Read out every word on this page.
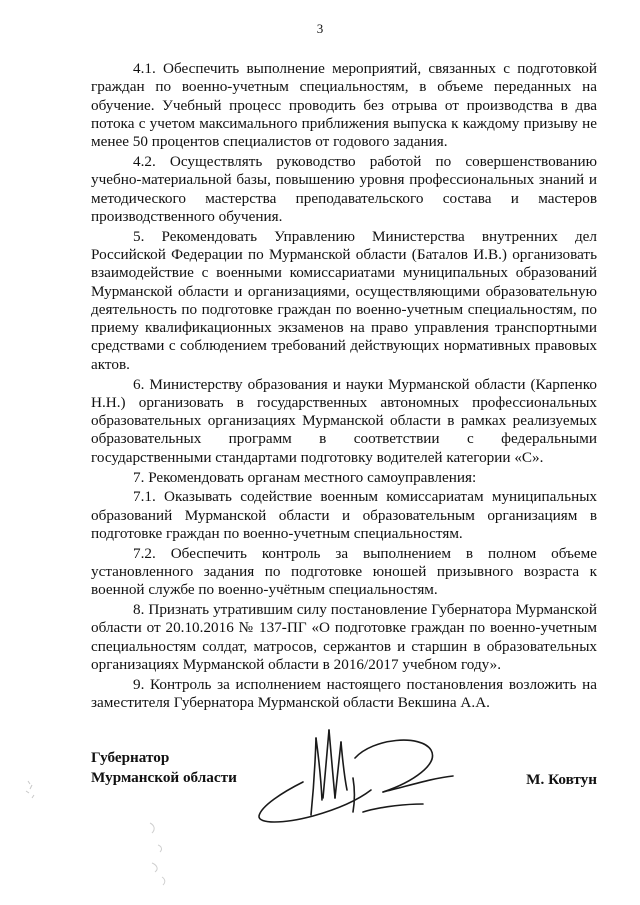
3

4.1. Обеспечить выполнение мероприятий, связанных с подготовкой граждан по военно-учетным специальностям, в объеме переданных на обучение. Учебный процесс проводить без отрыва от производства в два потока с учетом максимального приближения выпуска к каждому призыву не менее 50 процентов специалистов от годового задания.

4.2. Осуществлять руководство работой по совершенствованию учебно-материальной базы, повышению уровня профессиональных знаний и методического мастерства преподавательского состава и мастеров производственного обучения.

5. Рекомендовать Управлению Министерства внутренних дел Российской Федерации по Мурманской области (Баталов И.В.) организовать взаимодействие с военными комиссариатами муниципальных образований Мурманской области и организациями, осуществляющими образовательную деятельность по подготовке граждан по военно-учетным специальностям, по приему квалификационных экзаменов на право управления транспортными средствами с соблюдением требований действующих нормативных правовых актов.

6. Министерству образования и науки Мурманской области (Карпенко Н.Н.) организовать в государственных автономных профессиональных образовательных организациях Мурманской области в рамках реализуемых образовательных программ в соответствии с федеральными государственными стандартами подготовку водителей категории «С».

7. Рекомендовать органам местного самоуправления:

7.1. Оказывать содействие военным комиссариатам муниципальных образований Мурманской области и образовательным организациям в подготовке граждан по военно-учетным специальностям.

7.2. Обеспечить контроль за выполнением в полном объеме установленного задания по подготовке юношей призывного возраста к военной службе по военно-учётным специальностям.

8. Признать утратившим силу постановление Губернатора Мурманской области от 20.10.2016 № 137-ПГ «О подготовке граждан по военно-учетным специальностям солдат, матросов, сержантов и старшин в образовательных организациях Мурманской области в 2016/2017 учебном году».

9. Контроль за исполнением настоящего постановления возложить на заместителя Губернатора Мурманской области Векшина А.А.

Губернатор
Мурманской области	М. Ковтун
